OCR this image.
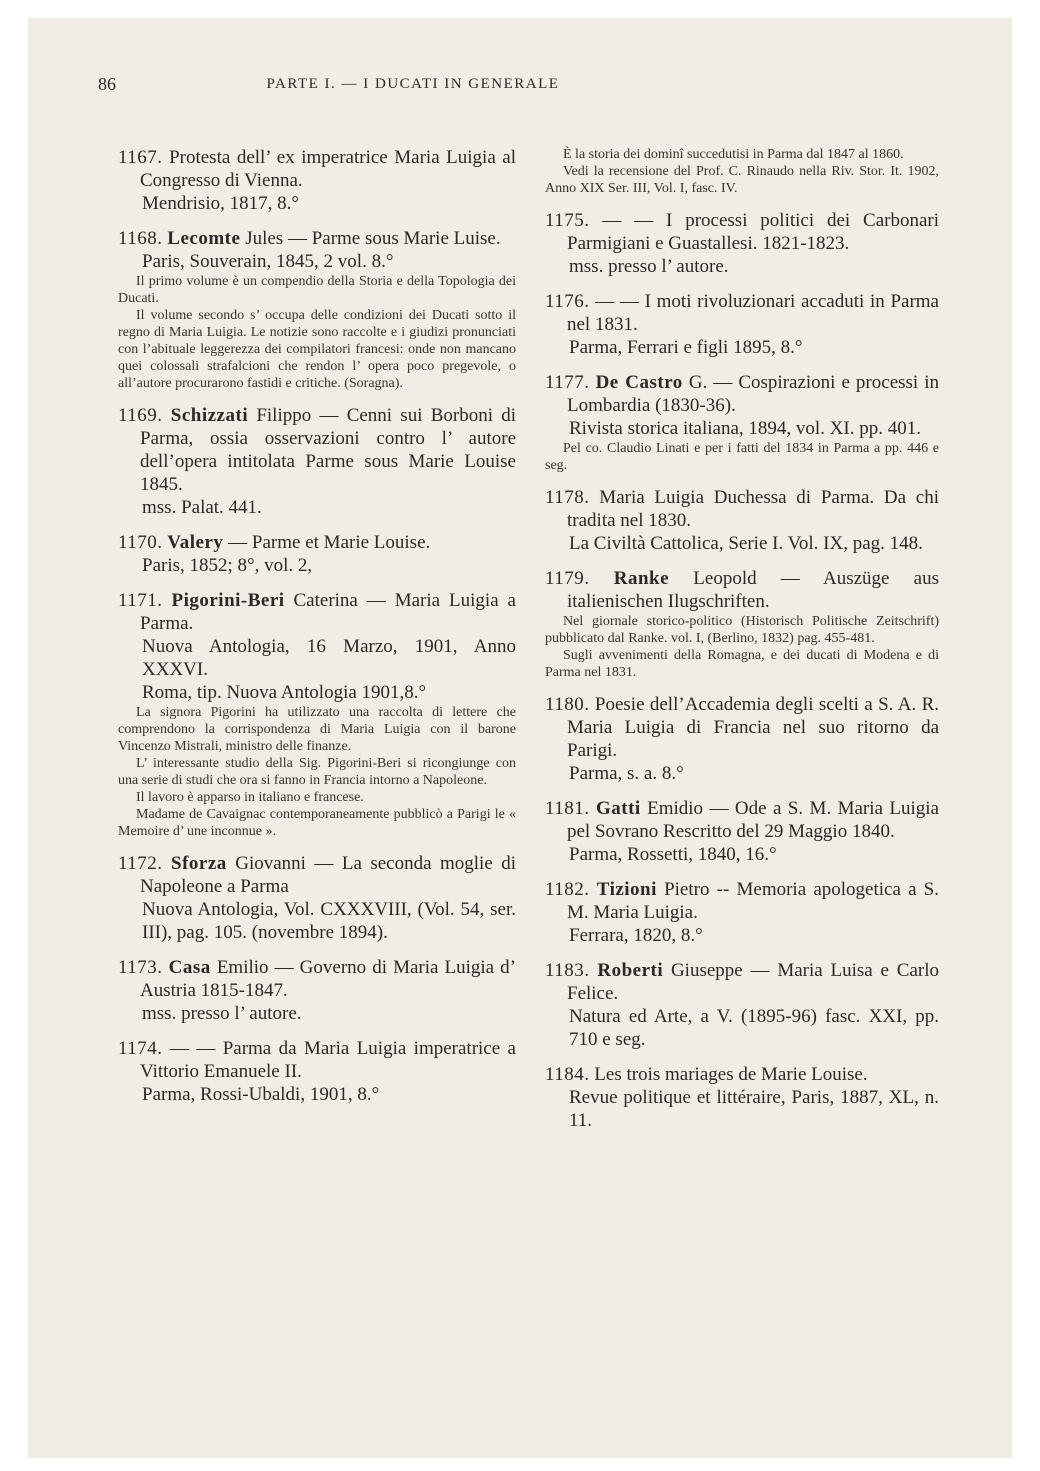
86	PARTE I. — I DUCATI IN GENERALE

1167. Protesta dell’ ex imperatrice Maria Luigia al Congresso di Vienna.

Mendrisio, 1817, 8.°

1168. Lecomte Jules — Parme sous Marie Luise.

Paris, Souverain, 1845, 2 vol. 8.°

Il primo volume è un compendio della Storia e della Topologia dei Ducati.

Il volume secondo s’ occupa delle condizioni dei Ducati sotto il regno di Maria Luigia. Le notizie sono raccolte e i giudizi pronunciati con l’abituale leggerezza dei compilatori francesi: onde non mancano quei colossali strafalcioni che rendon l’ opera poco pregevole, o all’autore procurarono fastidi e critiche. (Soragna).

1169. Schizzati Filippo — Cenni sui Borboni di Parma, ossia osservazioni contro l’ autore dell’opera intitolata Parme sous Marie Louise 1845.

mss. Palat. 441.

1170. Valery — Parme et Marie Louise.

Paris, 1852; 8°, vol. 2,

1171. Pigorini-Beri Caterina — Maria Luigia a Parma.

Nuova Antologia, 16 Marzo, 1901, Anno XXXVI.

Roma, tip. Nuova Antologia 1901,8.°

La signora Pigorini ha utilizzato una raccolta di lettere che comprendono la corrispondenza di Maria Luigia con il barone Vincenzo Mistrali, ministro delle finanze.

L’ interessante studio della Sig. Pigorini-Beri si ricongiunge con una serie di studi che ora si fanno in Francia intorno a Napoleone.

Il lavoro è apparso in italiano e francese.

Madame de Cavaignac contemporaneamente pubblicò a Parigi le « Memoire d’ une inconnue ».

1172. Sforza Giovanni — La seconda moglie di Napoleone a Parma

Nuova Antologia, Vol. CXXXVIII, (Vol. 54, ser. III), pag. 105. (novembre 1894).

1173. Casa Emilio — Governo di Maria Luigia d’ Austria 1815-1847.

mss. presso l’ autore.

1174. — — Parma da Maria Luigia imperatrice a Vittorio Emanuele II.

Parma, Rossi-Ubaldi, 1901, 8.°

È la storia dei dominî succedutisi in Parma dal 1847 al 1860.

Vedi la recensione del Prof. C. Rinaudo nella Riv. Stor. It. 1902, Anno XIX Ser. III, Vol. I, fasc. IV.

1175. — — I processi politici dei Carbonari Parmigiani e Guastallesi. 1821-1823.

mss. presso l’ autore.

1176. — — I moti rivoluzionari accaduti in Parma nel 1831.

Parma, Ferrari e figli 1895, 8.°

1177. De Castro G. — Cospirazioni e processi in Lombardia (1830-36).

Rivista storica italiana, 1894, vol. XI. pp. 401.

Pel co. Claudio Linati e per i fatti del 1834 in Parma a pp. 446 e seg.

1178. Maria Luigia Duchessa di Parma. Da chi tradita nel 1830.

La Civiltà Cattolica, Serie I. Vol. IX, pag. 148.

1179. Ranke Leopold — Auszüge aus italienischen Ilugschriften.

Nel giornale storico-politico (Historisch Politische Zeitschrift) pubblicato dal Ranke. vol. I, (Berlino, 1832) pag. 455-481.

Sugli avvenimenti della Romagna, e dei ducati di Modena e di Parma nel 1831.

1180. Poesie dell’Accademia degli scelti a S. A. R. Maria Luigia di Francia nel suo ritorno da Parigi.

Parma, s. a. 8.°

1181. Gatti Emidio — Ode a S. M. Maria Luigia pel Sovrano Rescritto del 29 Maggio 1840.

Parma, Rossetti, 1840, 16.°

1182. Tizioni Pietro -- Memoria apologetica a S. M. Maria Luigia.

Ferrara, 1820, 8.°

1183. Roberti Giuseppe — Maria Luisa e Carlo Felice.

Natura ed Arte, a V. (1895-96) fasc. XXI, pp. 710 e seg.

1184. Les trois mariages de Marie Louise.

Revue politique et littéraire, Paris, 1887, XL, n. 11.
